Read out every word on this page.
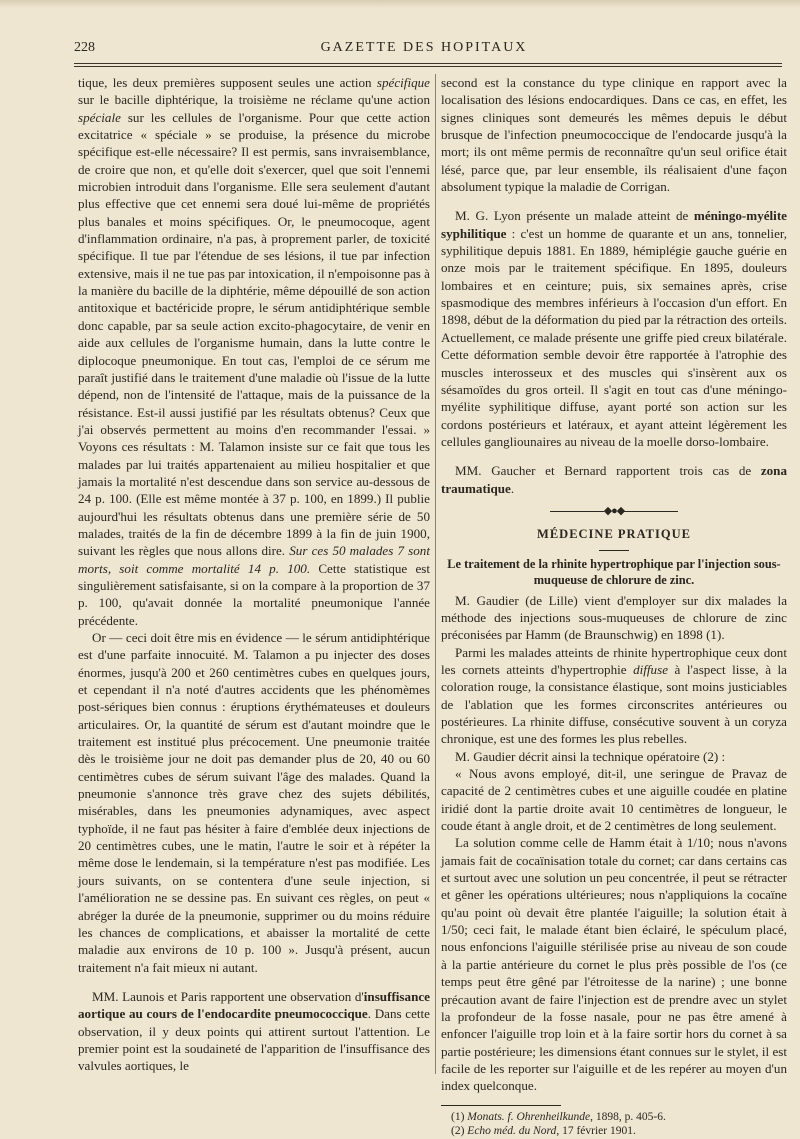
228	GAZETTE DES HOPITAUX

tique, les deux premières supposent seules une action spécifique sur le bacille diphtérique, la troisième ne réclame qu'une action spéciale sur les cellules de l'organisme. Pour que cette action excitatrice « spéciale » se produise, la présence du microbe spécifique est-elle nécessaire? Il est permis, sans invraisemblance, de croire que non, et qu'elle doit s'exercer, quel que soit l'ennemi microbien introduit dans l'organisme. Elle sera seulement d'autant plus effective que cet ennemi sera doué lui-même de propriétés plus banales et moins spécifiques. Or, le pneumocoque, agent d'inflammation ordinaire, n'a pas, à proprement parler, de toxicité spécifique. Il tue par l'étendue de ses lésions, il tue par infection extensive, mais il ne tue pas par intoxication, il n'empoisonne pas à la manière du bacille de la diphtérie, même dépouillé de son action antitoxique et bactéricide propre, le sérum antidiphtérique semble donc capable, par sa seule action excito-phagocytaire, de venir en aide aux cellules de l'organisme humain, dans la lutte contre le diplocoque pneumonique. En tout cas, l'emploi de ce sérum me paraît justifié dans le traitement d'une maladie où l'issue de la lutte dépend, non de l'intensité de l'attaque, mais de la puissance de la résistance. Est-il aussi justifié par les résultats obtenus? Ceux que j'ai observés permettent au moins d'en recommander l'essai. » Voyons ces résultats : M. Talamon insiste sur ce fait que tous les malades par lui traités appartenaient au milieu hospitalier et que jamais la mortalité n'est descendue dans son service au-dessous de 24 p. 100. (Elle est même montée à 37 p. 100, en 1899.) Il publie aujourd'hui les résultats obtenus dans une première série de 50 malades, traités de la fin de décembre 1899 à la fin de juin 1900, suivant les règles que nous allons dire. Sur ces 50 malades 7 sont morts, soit comme mortalité 14 p. 100. Cette statistique est singulièrement satisfaisante, si on la compare à la proportion de 37 p. 100, qu'avait donnée la mortalité pneumonique l'année précédente.

Or — ceci doit être mis en évidence — le sérum antidiphtérique est d'une parfaite innocuité. M. Talamon a pu injecter des doses énormes, jusqu'à 200 et 260 centimètres cubes en quelques jours, et cependant il n'a noté d'autres accidents que les phénomèmes post-sériques bien connus : éruptions érythémateuses et douleurs articulaires. Or, la quantité de sérum est d'autant moindre que le traitement est institué plus précocement. Une pneumonie traitée dès le troisième jour ne doit pas demander plus de 20, 40 ou 60 centimètres cubes de sérum suivant l'âge des malades. Quand la pneumonie s'annonce très grave chez des sujets débilités, misérables, dans les pneumonies adynamiques, avec aspect typhoïde, il ne faut pas hésiter à faire d'emblée deux injections de 20 centimètres cubes, une le matin, l'autre le soir et à répéter la même dose le lendemain, si la température n'est pas modifiée. Les jours suivants, on se contentera d'une seule injection, si l'amélioration ne se dessine pas. En suivant ces règles, on peut « abréger la durée de la pneumonie, supprimer ou du moins réduire les chances de complications, et abaisser la mortalité de cette maladie aux environs de 10 p. 100 ». Jusqu'à présent, aucun traitement n'a fait mieux ni autant.

MM. Launois et Paris rapportent une observation d'insuffisance aortique au cours de l'endocardite pneumococcique. Dans cette observation, il y deux points qui attirent surtout l'attention. Le premier point est la soudaineté de l'apparition de l'insuffisance des valvules aortiques, le

second est la constance du type clinique en rapport avec la localisation des lésions endocardiques. Dans ce cas, en effet, les signes cliniques sont demeurés les mêmes depuis le début brusque de l'infection pneumococcique de l'endocarde jusqu'à la mort; ils ont même permis de reconnaître qu'un seul orifice était lésé, parce que, par leur ensemble, ils réalisaient d'une façon absolument typique la maladie de Corrigan.

M. G. Lyon présente un malade atteint de méningo-myélite syphilitique : c'est un homme de quarante et un ans, tonnelier, syphilitique depuis 1881. En 1889, hémiplégie gauche guérie en onze mois par le traitement spécifique. En 1895, douleurs lombaires et en ceinture; puis, six semaines après, crise spasmodique des membres inférieurs à l'occasion d'un effort. En 1898, début de la déformation du pied par la rétraction des orteils. Actuellement, ce malade présente une griffe pied creux bilatérale. Cette déformation semble devoir être rapportée à l'atrophie des muscles interosseux et des muscles qui s'insèrent aux os sésamoïdes du gros orteil. Il s'agit en tout cas d'une méningo-myélite syphilitique diffuse, ayant porté son action sur les cordons postérieurs et latéraux, et ayant atteint légèrement les cellules gangliounaires au niveau de la moelle dorso-lombaire.

MM. Gaucher et Bernard rapportent trois cas de zona traumatique.

◆●◆
MÉDECINE PRATIQUE
Le traitement de la rhinite hypertrophique par l'injection sous-muqueuse de chlorure de zinc.

M. Gaudier (de Lille) vient d'employer sur dix malades la méthode des injections sous-muqueuses de chlorure de zinc préconisées par Hamm (de Braunschwig) en 1898 (1).

Parmi les malades atteints de rhinite hypertrophique ceux dont les cornets atteints d'hypertrophie diffuse à l'aspect lisse, à la coloration rouge, la consistance élastique, sont moins justiciables de l'ablation que les formes circonscrites antérieures ou postérieures. La rhinite diffuse, consécutive souvent à un coryza chronique, est une des formes les plus rebelles.

M. Gaudier décrit ainsi la technique opératoire (2) :

« Nous avons employé, dit-il, une seringue de Pravaz de capacité de 2 centimètres cubes et une aiguille coudée en platine iridié dont la partie droite avait 10 centimètres de longueur, le coude étant à angle droit, et de 2 centimètres de long seulement.

La solution comme celle de Hamm était à 1/10; nous n'avons jamais fait de cocaïnisation totale du cornet; car dans certains cas et surtout avec une solution un peu concentrée, il peut se rétracter et gêner les opérations ultérieures; nous n'appliquions la cocaïne qu'au point où devait être plantée l'aiguille; la solution était à 1/50; ceci fait, le malade étant bien éclairé, le spéculum placé, nous enfoncions l'aiguille stérilisée prise au niveau de son coude à la partie antérieure du cornet le plus près possible de l'os (ce temps peut être gêné par l'étroitesse de la narine) ; une bonne précaution avant de faire l'injection est de prendre avec un stylet la profondeur de la fosse nasale, pour ne pas être amené à enfoncer l'aiguille trop loin et à la faire sortir hors du cornet à sa partie postérieure; les dimensions étant connues sur le stylet, il est facile de les reporter sur l'aiguille et de les repérer au moyen d'un index quelconque.

(1) Monats. f. Ohrenheilkunde, 1898, p. 405-6.
(2) Echo méd. du Nord, 17 février 1901.
